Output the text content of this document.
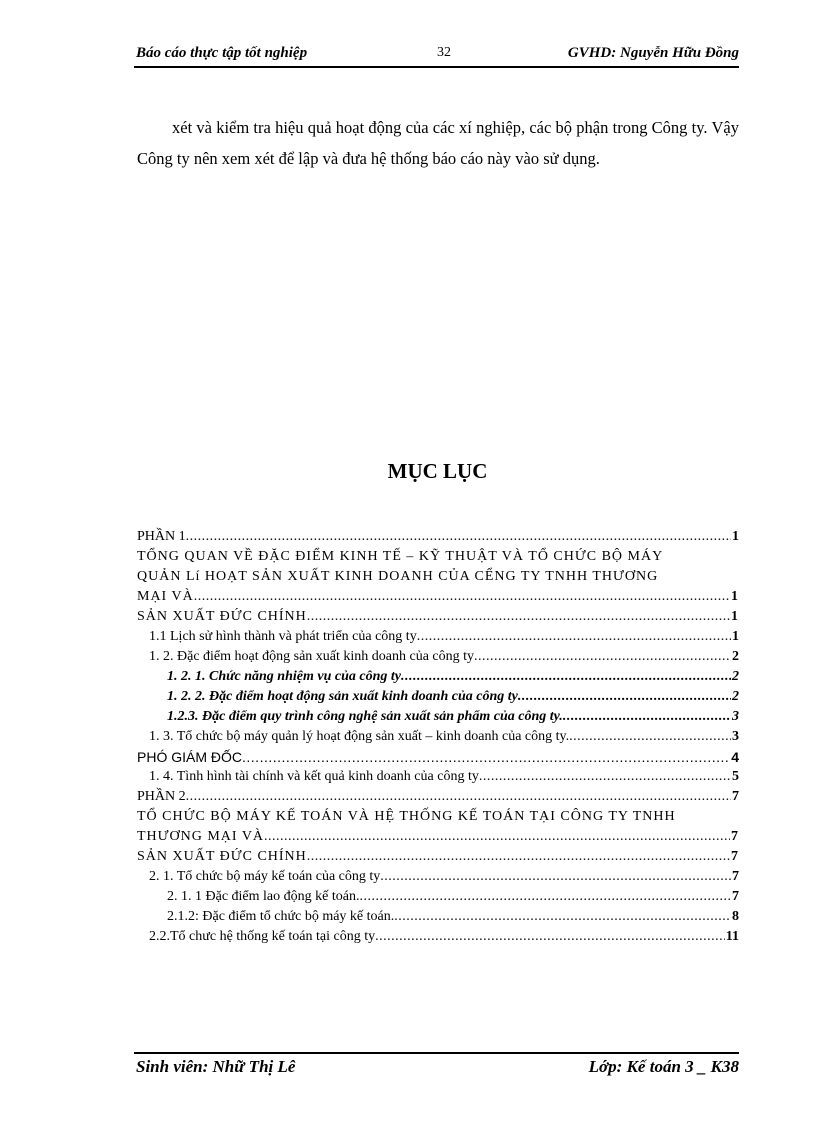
Báo cáo thực tập tốt nghiệp	32	GVHD: Nguyễn Hữu Đồng

xét và kiểm tra hiệu quả hoạt động của các xí nghiệp, các bộ phận trong Công ty. Vậy Công ty nên xem xét để lập và đưa hệ thống báo cáo này vào sử dụng.

MỤC LỤC
PHẦN 1 .....	1
TỔNG QUAN VỀ ĐẶC ĐIỂM KINH TẾ – KỸ THUẬT VÀ TỔ CHỨC BỘ MÁY
QUẢN Lí HOẠT SẢN XUẤT KINH DOANH CỦA CỂNG TY TNHH THƯƠNG
MẠI VÀ .....	1
SẢN XUẤT ĐỨC CHÍNH .....	1
1.1 Lịch sử hình thành và phát triển của công ty .....	1
1. 2. Đặc điểm hoạt động sản xuất kinh doanh của công ty .....	2
1. 2. 1. Chức năng nhiệm vụ của công ty .....	2
1. 2. 2. Đặc điểm hoạt động sản xuất kinh doanh của công ty .....	2
1.2.3. Đặc điểm quy trình công nghệ sản xuất sản phẩm của công ty. .....	3
1. 3. Tổ chức bộ máy quản lý hoạt động sản xuất – kinh doanh của công ty. .....	3
PHÓ GIÁM ĐỐC .....	4
1. 4. Tình hình tài chính và kết quả kinh doanh của công ty .....	5
PHẦN 2 .....	7
TỔ CHỨC BỘ MÁY KẾ TOÁN VÀ HỆ THỐNG KẾ TOÁN TẠI CÔNG TY TNHH
THƯƠNG MẠI VÀ .....	7
SẢN XUẤT ĐỨC CHÍNH .....	7
2. 1. Tổ chức bộ máy kế toán của công ty .....	7
2. 1. 1 Đặc điểm lao động kế toán. .....	7
2.1.2: Đặc điểm tổ chức bộ máy kế toán. .....	8
2.2.Tổ chưc hệ thống kế toán tại công ty .....	11
Sinh viên: Nhữ Thị Lê	Lớp: Kế toán 3 _ K38
